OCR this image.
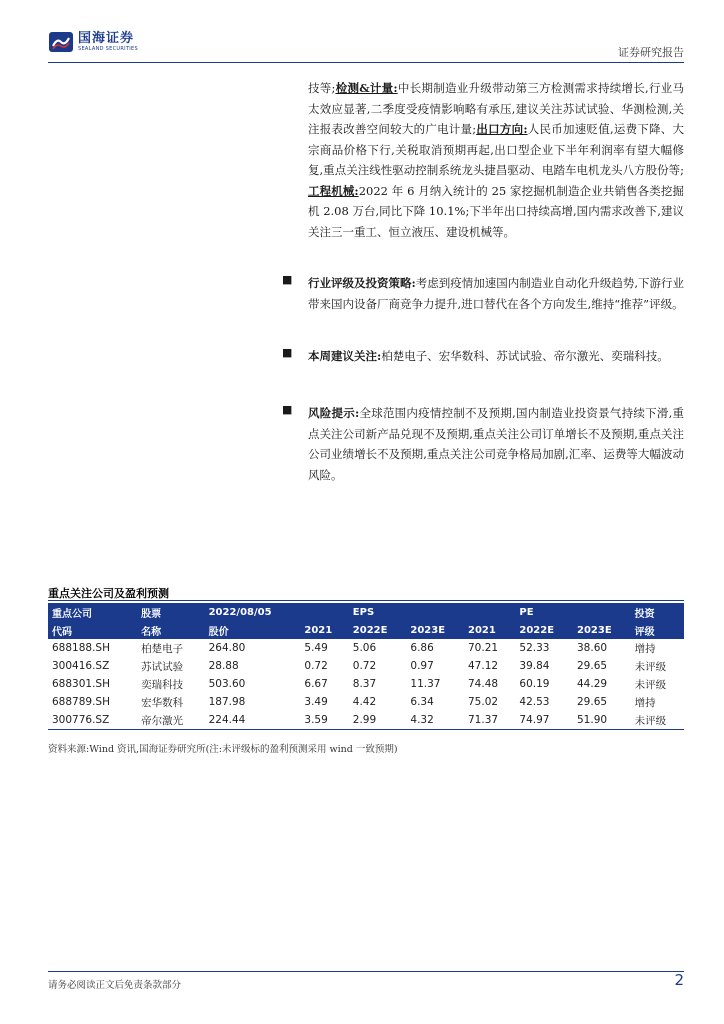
国海证券
SEALAND SECURITIES	证券研究报告
技等;检测&计量:中长期制造业升级带动第三方检测需求持续增长,行业马太效应显著,二季度受疫情影响略有承压,建议关注苏试试验、华测检测,关注报表改善空间较大的广电计量;出口方向:人民币加速贬值,运费下降、大宗商品价格下行,关税取消预期再起,出口型企业下半年利润率有望大幅修复,重点关注线性驱动控制系统龙头捷昌驱动、电踏车电机龙头八方股份等;工程机械:2022 年 6 月纳入统计的 25 家挖掘机制造企业共销售各类挖掘机 2.08 万台,同比下降 10.1%;下半年出口持续高增,国内需求改善下,建议关注三一重工、恒立液压、建设机械等。
■ 行业评级及投资策略:考虑到疫情加速国内制造业自动化升级趋势,下游行业带来国内设备厂商竞争力提升,进口替代在各个方向发生,维持“推荐”评级。
■ 本周建议关注:柏楚电子、宏华数科、苏试试验、帝尔激光、奕瑞科技。
■ 风险提示:全球范围内疫情控制不及预期,国内制造业投资景气持续下滑,重点关注公司新产品兑现不及预期,重点关注公司订单增长不及预期,重点关注公司业绩增长不及预期,重点关注公司竞争格局加剧,汇率、运费等大幅波动风险。
重点关注公司及盈利预测
重点公司	股票	2022/08/05		EPS			PE		投资
代码	名称	股价	2021	2022E	2023E	2021	2022E	2023E	评级
688188.SH	柏楚电子	264.80	5.49	5.06	6.86	70.21	52.33	38.60	增持
300416.SZ	苏试试验	28.88	0.72	0.72	0.97	47.12	39.84	29.65	未评级
688301.SH	奕瑞科技	503.60	6.67	8.37	11.37	74.48	60.19	44.29	未评级
688789.SH	宏华数科	187.98	3.49	4.42	6.34	75.02	42.53	29.65	增持
300776.SZ	帝尔激光	224.44	3.59	2.99	4.32	71.37	74.97	51.90	未评级
资料来源:Wind 资讯,国海证券研究所(注:未评级标的盈利预测采用 wind 一致预期)
请务必阅读正文后免责条款部分	2
